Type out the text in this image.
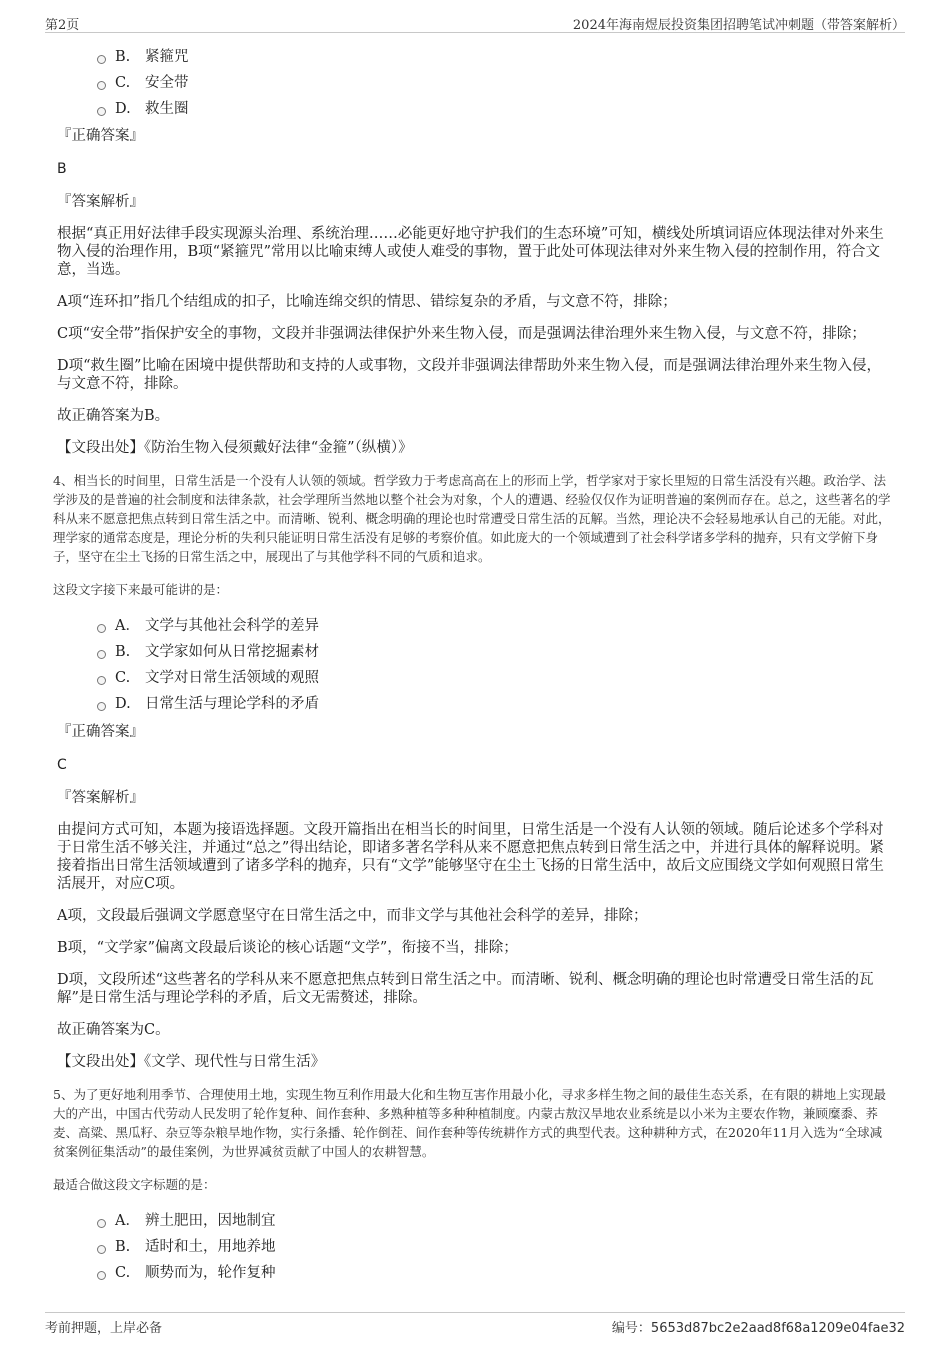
第2页	2024年海南煜辰投资集团招聘笔试冲刺题（带答案解析）
B.	紧箍咒
C.	安全带
D. 救生圈

『正确答案』

B

『答案解析』

根据“真正用好法律手段实现源头治理、系统治理……必能更好地守护我们的生态环境”可知，横线处所填词语应体现法律对外来生物入侵的治理作用，B项“紧箍咒”常用以比喻束缚人或使人难受的事物，置于此处可体现法律对外来生物入侵的控制作用，符合文意，当选。

A项“连环扣”指几个结组成的扣子，比喻连绵交织的情思、错综复杂的矛盾，与文意不符，排除；

C项“安全带”指保护安全的事物，文段并非强调法律保护外来生物入侵，而是强调法律治理外来生物入侵，与文意不符，排除；

D项“救生圈”比喻在困境中提供帮助和支持的人或事物，文段并非强调法律帮助外来生物入侵，而是强调法律治理外来生物入侵，与文意不符，排除。

故正确答案为B。

【文段出处】《防治生物入侵须戴好法律“金箍”（纵横）》

4、相当长的时间里，日常生活是一个没有人认领的领域。哲学致力于考虑高高在上的形而上学，哲学家对于家长里短的日常生活没有兴趣。政治学、法学涉及的是普遍的社会制度和法律条款，社会学理所当然地以整个社会为对象，个人的遭遇、经验仅仅作为证明普遍的案例而存在。总之，这些著名的学科从来不愿意把焦点转到日常生活之中。而清晰、锐利、概念明确的理论也时常遭受日常生活的瓦解。当然，理论决不会轻易地承认自己的无能。对此，理学家的通常态度是，理论分析的失利只能证明日常生活没有足够的考察价值。如此庞大的一个领域遭到了社会科学诸多学科的抛弃，只有文学俯下身子，坚守在尘土飞扬的日常生活之中，展现出了与其他学科不同的气质和追求。

这段文字接下来最可能讲的是：

A． 文学与其他社会科学的差异
B.	文学家如何从日常挖掘素材
C.	文学对日常生活领域的观照
D. 日常生活与理论学科的矛盾

『正确答案』

C

『答案解析』

由提问方式可知，本题为接语选择题。文段开篇指出在相当长的时间里，日常生活是一个没有人认领的领域。随后论述多个学科对于日常生活不够关注，并通过“总之”得出结论，即诸多著名学科从来不愿意把焦点转到日常生活之中，并进行具体的解释说明。紧接着指出日常生活领域遭到了诸多学科的抛弃，只有“文学”能够坚守在尘土飞扬的日常生活中，故后文应围绕文学如何观照日常生活展开，对应C项。

A项，文段最后强调文学愿意坚守在日常生活之中，而非文学与其他社会科学的差异，排除；

B项，“文学家”偏离文段最后谈论的核心话题“文学”，衔接不当，排除；

D项，文段所述“这些著名的学科从来不愿意把焦点转到日常生活之中。而清晰、锐利、概念明确的理论也时常遭受日常生活的瓦解”是日常生活与理论学科的矛盾，后文无需赘述，排除。

故正确答案为C。

【文段出处】《文学、现代性与日常生活》

5、为了更好地利用季节、合理使用土地，实现生物互利作用最大化和生物互害作用最小化，寻求多样生物之间的最佳生态关系，在有限的耕地上实现最大的产出，中国古代劳动人民发明了轮作复种、间作套种、多熟种植等多种种植制度。内蒙古敖汉旱地农业系统是以小米为主要农作物，兼顾糜黍、荞麦、高粱、黑瓜籽、杂豆等杂粮旱地作物，实行条播、轮作倒茬、间作套种等传统耕作方式的典型代表。这种耕种方式，在2020年11月入选为“全球减贫案例征集活动”的最佳案例，为世界减贫贡献了中国人的农耕智慧。

最适合做这段文字标题的是：

A． 辨土肥田，因地制宜
B.	适时和土，用地养地
C.	顺势而为，轮作复种
考前押题，上岸必备	编号：5653d87bc2e2aad8f68a1209e04fae32
